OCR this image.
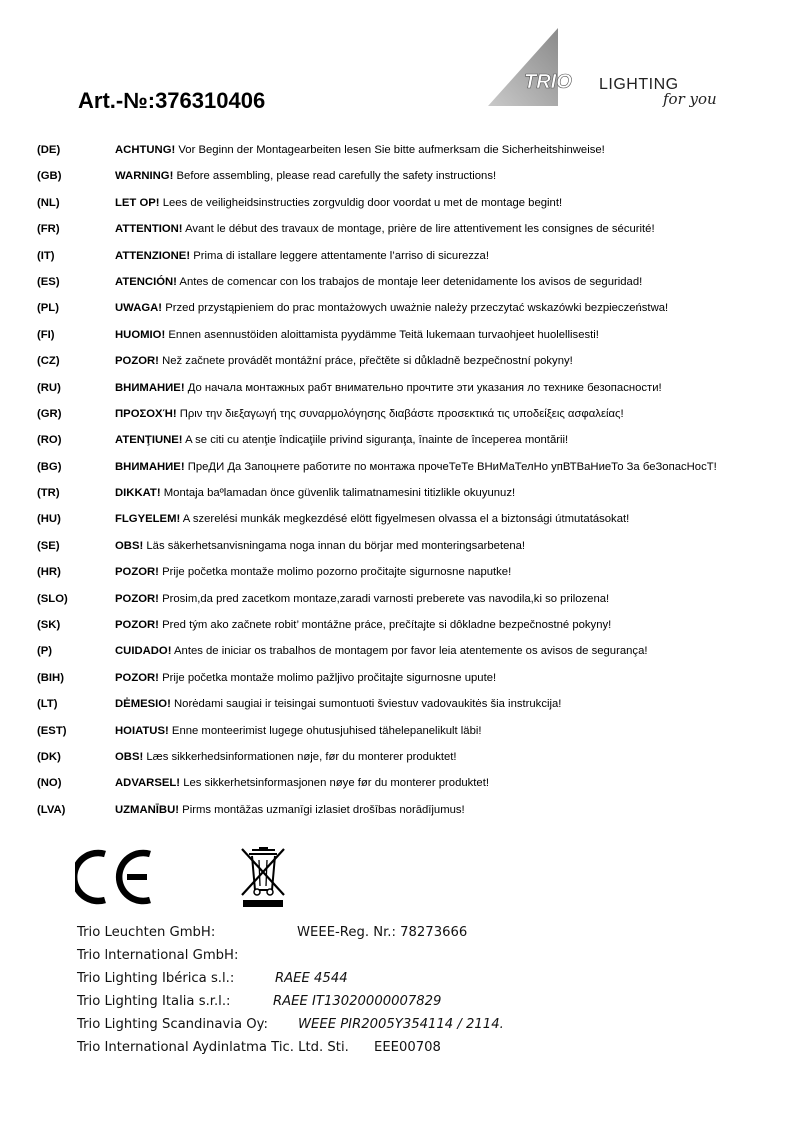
Art.-№:376310406
TRIO LIGHTING
for you
(DE)	ACHTUNG! Vor Beginn der Montagearbeiten lesen Sie bitte aufmerksam die Sicherheitshinweise!
(GB)	WARNING! Before assembling, please read carefully the safety instructions!
(NL)	LET OP! Lees de veiligheidsinstructies zorgvuldig door voordat u met de montage begint!
(FR)	ATTENTION! Avant le début des travaux de montage, prière de lire attentivement les consignes de sécurité!
(IT)	ATTENZIONE! Prima di istallare leggere attentamente l’arriso di sicurezza!
(ES)	ATENCIÓN! Antes de comencar con los trabajos de montaje leer detenidamente los avisos de seguridad!
(PL)	UWAGA! Przed przystąpieniem do prac montażowych uważnie należy przeczytać wskazówki bezpieczeństwa!
(FI)	HUOMIO! Ennen asennustöiden aloittamista pyydämme Teitä lukemaan turvaohjeet huolellisesti!
(CZ)	POZOR! Než začnete provádět montážní práce, přečtěte si důkladně bezpečnostní pokyny!
(RU)	ВНИМАНИЕ! До начала монтажных рабт внимательно прочтите эти указания ло технике безопасности!
(GR)	ΠΡΟΣΟΧΉ! Πριν την διεξαγωγή της συναρμολόγησης διαβάστε προσεκτικά τις υποδείξεις ασφαλείας!
(RO)	ATENŢIUNE! A se citi cu atenţie îndicaţiile privind siguranţa, înainte de începerea montării!
(BG)	ВНИМАНИЕ! ПреДИ Да Запоцнете работите по монтажа прочеТеТе ВНиМаТелНо упВТВаНиеТо За беЗопасНосТ!
(TR)	DIKKAT! Montaja baºlamadan önce güvenlik talimatnamesini titizlikle okuyunuz!
(HU)	FLGYELEM! A szerelési munkák megkezdésé elött figyelmesen olvassa el a biztonsági útmutatásokat!
(SE)	OBS! Läs säkerhetsanvisningama noga innan du börjar med monteringsarbetena!
(HR)	POZOR! Prije početka montaže molimo pozorno pročitajte sigurnosne naputke!
(SLO)	POZOR! Prosim,da pred zacetkom montaze,zaradi varnosti preberete vas navodila,ki so prilozena!
(SK)	POZOR! Pred tým ako začnete robit’ montážne práce, prečítajte si dôkladne bezpečnostné pokyny!
(P)	CUIDADO! Antes de iniciar os trabalhos de montagem por favor leia atentemente os avisos de segurança!
(BIH)	POZOR! Prije početka montaže molimo pažljivo pročitajte sigurnosne upute!
(LT)	DĖMESIO! Norėdami saugiai ir teisingai sumontuoti šviestuv vadovaukitės šia instrukcija!
(EST)	HOIATUS! Enne monteerimist lugege ohutusjuhised tähelepanelikult läbi!
(DK)	OBS! Læs sikkerhedsinformationen nøje, før du monterer produktet!
(NO)	ADVARSEL! Les sikkerhetsinformasjonen nøye før du monterer produktet!
(LVA)	UZMANĪBU! Pirms montāžas uzmanīgi izlasiet drošības norādījumus!
Trio Leuchten GmbH:	WEEE-Reg. Nr.: 78273666
Trio lnternational GmbH:
Trio Lighting Ibérica s.l.:	RAEE 4544
Trio Lighting Italia s.r.l.:	RAEE IT13020000007829
Trio Lighting Scandinavia Oy: WEEE PIR2005Y354114 / 2114.
Trio International Aydinlatma Tic. Ltd. Sti. EEE00708
